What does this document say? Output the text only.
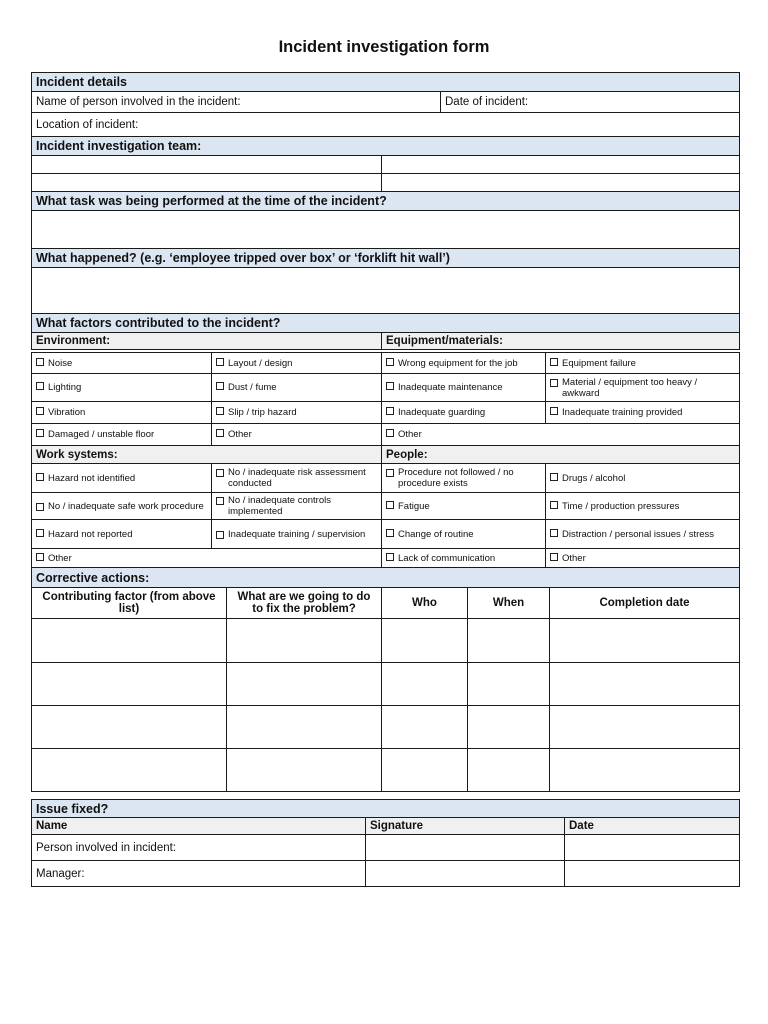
Incident investigation form
Incident details		
Name of person involved in the incident:		Date of incident:
Location of incident:		
Incident investigation team:		

What task was being performed at the time of the incident?		

What happened? (e.g. ‘employee tripped over box’ or ‘forklift hit wall’)		

What factors contributed to the incident?		
Environment:	Equipment/materials:	
Noise	Layout / design	Wrong equipment for the job	Equipment failure
Lighting	Dust / fume	Inadequate maintenance	Material / equipment too heavy / awkward

Vibration	Slip / trip hazard	Inadequate guarding	Inadequate training provided
Damaged / unstable floor	Other	Other	
Work systems:		People:	
Hazard not identified	No / inadequate risk assessment conducted	Procedure not followed / no procedure exists	Drugs / alcohol

No / inadequate safe work procedure	No / inadequate controls implemented	Fatigue	Time / production pressures
Hazard not reported	Inadequate training / supervision	Change of routine	Distraction / personal issues / stress
Other		Lack of communication	Other
Corrective actions:				
Contributing factor (from above list)	What are we going to do to fix the problem?	Who	When	Completion date

Issue fixed?		
Name	Signature	Date
Person involved in incident:		
Manager:		
